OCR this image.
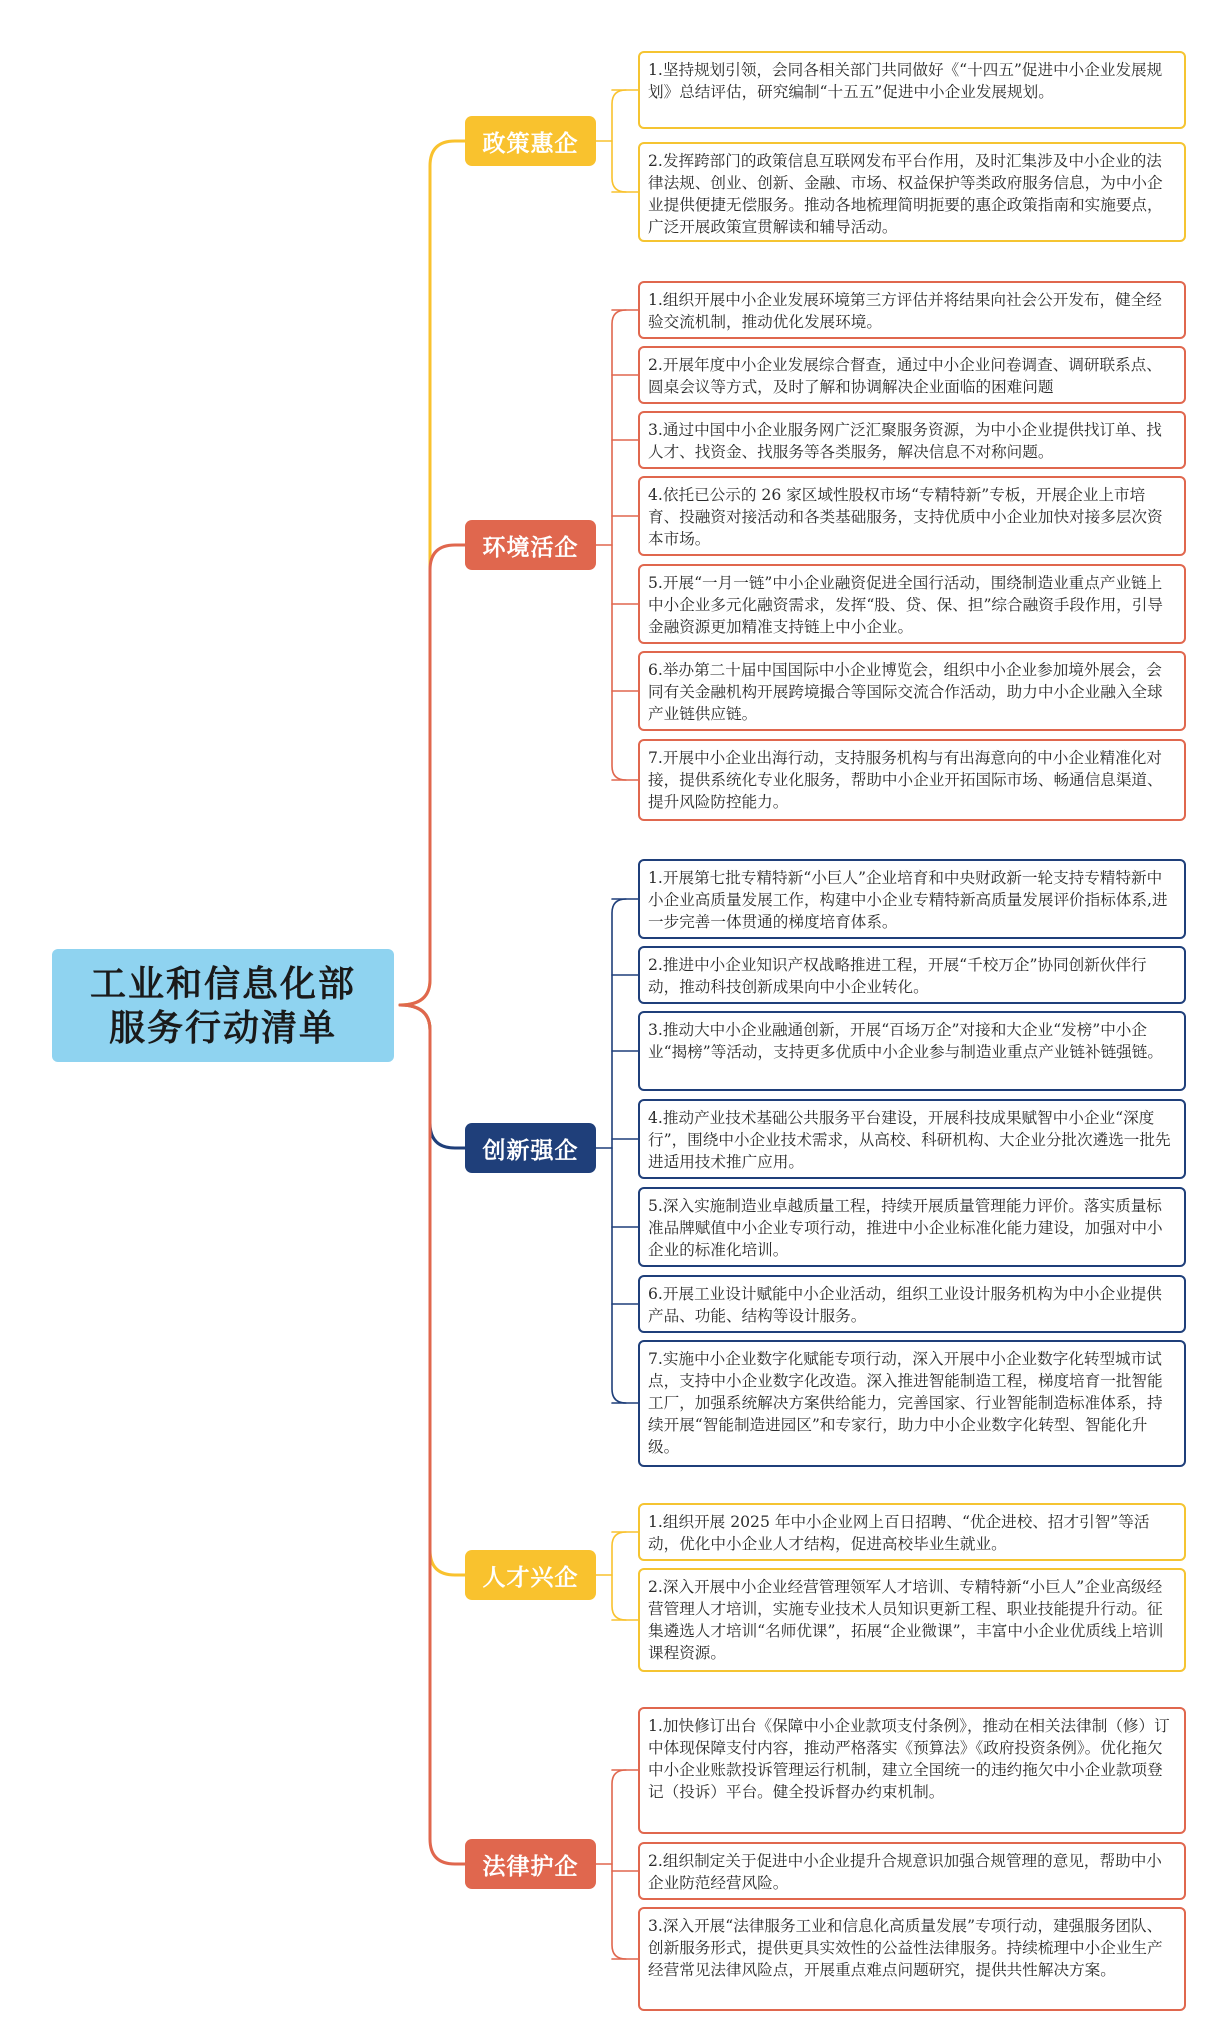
工业和信息化部
服务行动清单
政策惠企
1.坚持规划引领，会同各相关部门共同做好《“十四五”促进中小企业发展规划》总结评估，研究编制“十五五”促进中小企业发展规划。
2.发挥跨部门的政策信息互联网发布平台作用，及时汇集涉及中小企业的法律法规、创业、创新、金融、市场、权益保护等类政府服务信息，为中小企业提供便捷无偿服务。推动各地梳理简明扼要的惠企政策指南和实施要点，广泛开展政策宣贯解读和辅导活动。
环境活企
1.组织开展中小企业发展环境第三方评估并将结果向社会公开发布，健全经验交流机制，推动优化发展环境。
2.开展年度中小企业发展综合督查，通过中小企业问卷调查、调研联系点、圆桌会议等方式，及时了解和协调解决企业面临的困难问题
3.通过中国中小企业服务网广泛汇聚服务资源，为中小企业提供找订单、找人才、找资金、找服务等各类服务，解决信息不对称问题。
4.依托已公示的 26 家区域性股权市场“专精特新”专板，开展企业上市培育、投融资对接活动和各类基础服务，支持优质中小企业加快对接多层次资本市场。
5.开展“一月一链”中小企业融资促进全国行活动，围绕制造业重点产业链上中小企业多元化融资需求，发挥“股、贷、保、担”综合融资手段作用，引导金融资源更加精准支持链上中小企业。
6.举办第二十届中国国际中小企业博览会，组织中小企业参加境外展会，会同有关金融机构开展跨境撮合等国际交流合作活动，助力中小企业融入全球产业链供应链。
7.开展中小企业出海行动，支持服务机构与有出海意向的中小企业精准化对接，提供系统化专业化服务，帮助中小企业开拓国际市场、畅通信息渠道、提升风险防控能力。
创新强企
1.开展第七批专精特新“小巨人”企业培育和中央财政新一轮支持专精特新中小企业高质量发展工作，构建中小企业专精特新高质量发展评价指标体系,进一步完善一体贯通的梯度培育体系。
2.推进中小企业知识产权战略推进工程，开展“千校万企”协同创新伙伴行动，推动科技创新成果向中小企业转化。
3.推动大中小企业融通创新，开展“百场万企”对接和大企业“发榜”中小企业“揭榜”等活动，支持更多优质中小企业参与制造业重点产业链补链强链。
4.推动产业技术基础公共服务平台建设，开展科技成果赋智中小企业“深度行”，围绕中小企业技术需求，从高校、科研机构、大企业分批次遴选一批先进适用技术推广应用。
5.深入实施制造业卓越质量工程，持续开展质量管理能力评价。落实质量标准品牌赋值中小企业专项行动，推进中小企业标准化能力建设，加强对中小企业的标准化培训。
6.开展工业设计赋能中小企业活动，组织工业设计服务机构为中小企业提供产品、功能、结构等设计服务。
7.实施中小企业数字化赋能专项行动，深入开展中小企业数字化转型城市试点，支持中小企业数字化改造。深入推进智能制造工程，梯度培育一批智能工厂，加强系统解决方案供给能力，完善国家、行业智能制造标准体系，持续开展“智能制造进园区”和专家行，助力中小企业数字化转型、智能化升级。
人才兴企
1.组织开展 2025 年中小企业网上百日招聘、“优企进校、招才引智”等活动，优化中小企业人才结构，促进高校毕业生就业。
2.深入开展中小企业经营管理领军人才培训、专精特新“小巨人”企业高级经营管理人才培训，实施专业技术人员知识更新工程、职业技能提升行动。征集遴选人才培训“名师优课”，拓展“企业微课”，丰富中小企业优质线上培训课程资源。
法律护企
1.加快修订出台《保障中小企业款项支付条例》，推动在相关法律制（修）订中体现保障支付内容，推动严格落实《预算法》《政府投资条例》。优化拖欠中小企业账款投诉管理运行机制，建立全国统一的违约拖欠中小企业款项登记（投诉）平台。健全投诉督办约束机制。
2.组织制定关于促进中小企业提升合规意识加强合规管理的意见，帮助中小企业防范经营风险。
3.深入开展“法律服务工业和信息化高质量发展”专项行动，建强服务团队、创新服务形式，提供更具实效性的公益性法律服务。持续梳理中小企业生产经营常见法律风险点，开展重点难点问题研究，提供共性解决方案。
